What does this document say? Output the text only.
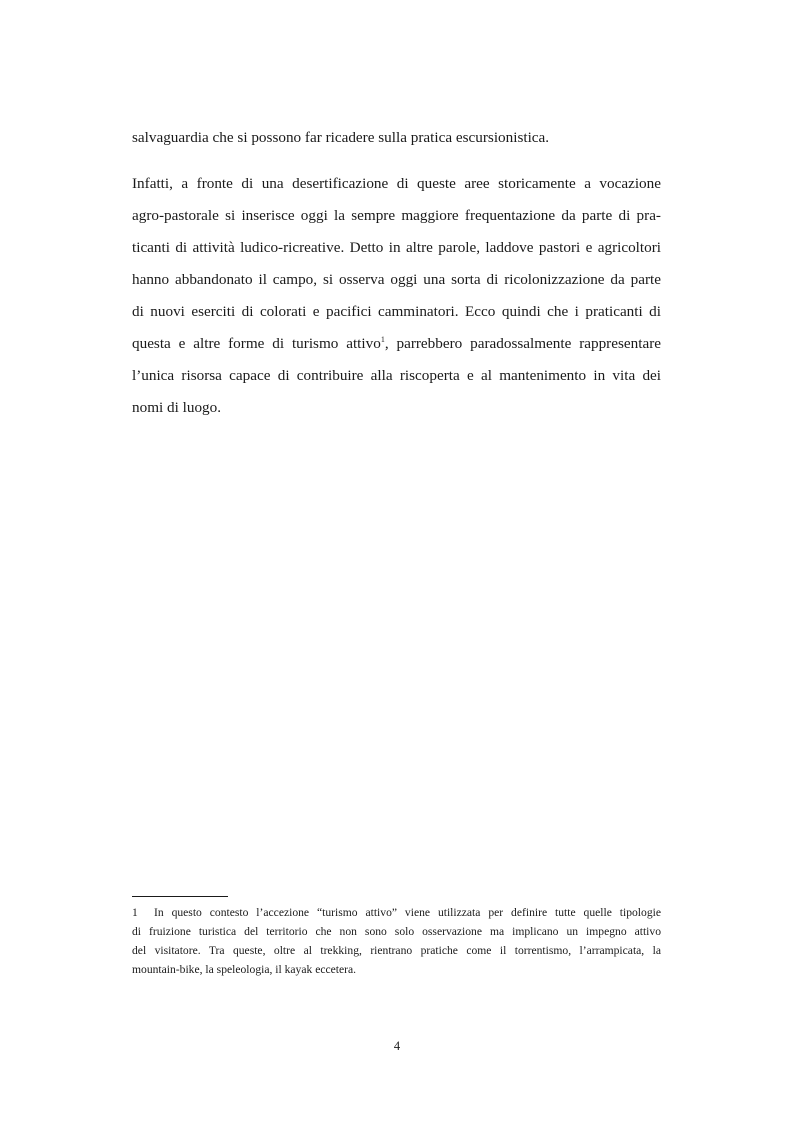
salvaguardia che si possono far ricadere sulla pratica escursionistica.
Infatti, a fronte di una desertificazione di queste aree storicamente a vocazione
agro-pastorale si inserisce oggi la sempre maggiore frequentazione da parte di pra-
ticanti di attività ludico-ricreative. Detto in altre parole, laddove pastori e agricoltori
hanno abbandonato il campo, si osserva oggi una sorta di ricolonizzazione da parte
di nuovi eserciti di colorati e pacifici camminatori. Ecco quindi che i praticanti di
questa e altre forme di turismo attivo$^1$, parrebbero paradossalmente rappresentare
l’unica risorsa capace di contribuire alla riscoperta e al mantenimento in vita dei
nomi di luogo.
1 In questo contesto l’accezione “turismo attivo” viene utilizzata per definire tutte quelle tipologie
di fruizione turistica del territorio che non sono solo osservazione ma implicano un impegno attivo
del visitatore. Tra queste, oltre al trekking, rientrano pratiche come il torrentismo, l’arrampicata, la
mountain-bike, la speleologia, il kayak eccetera.
4
